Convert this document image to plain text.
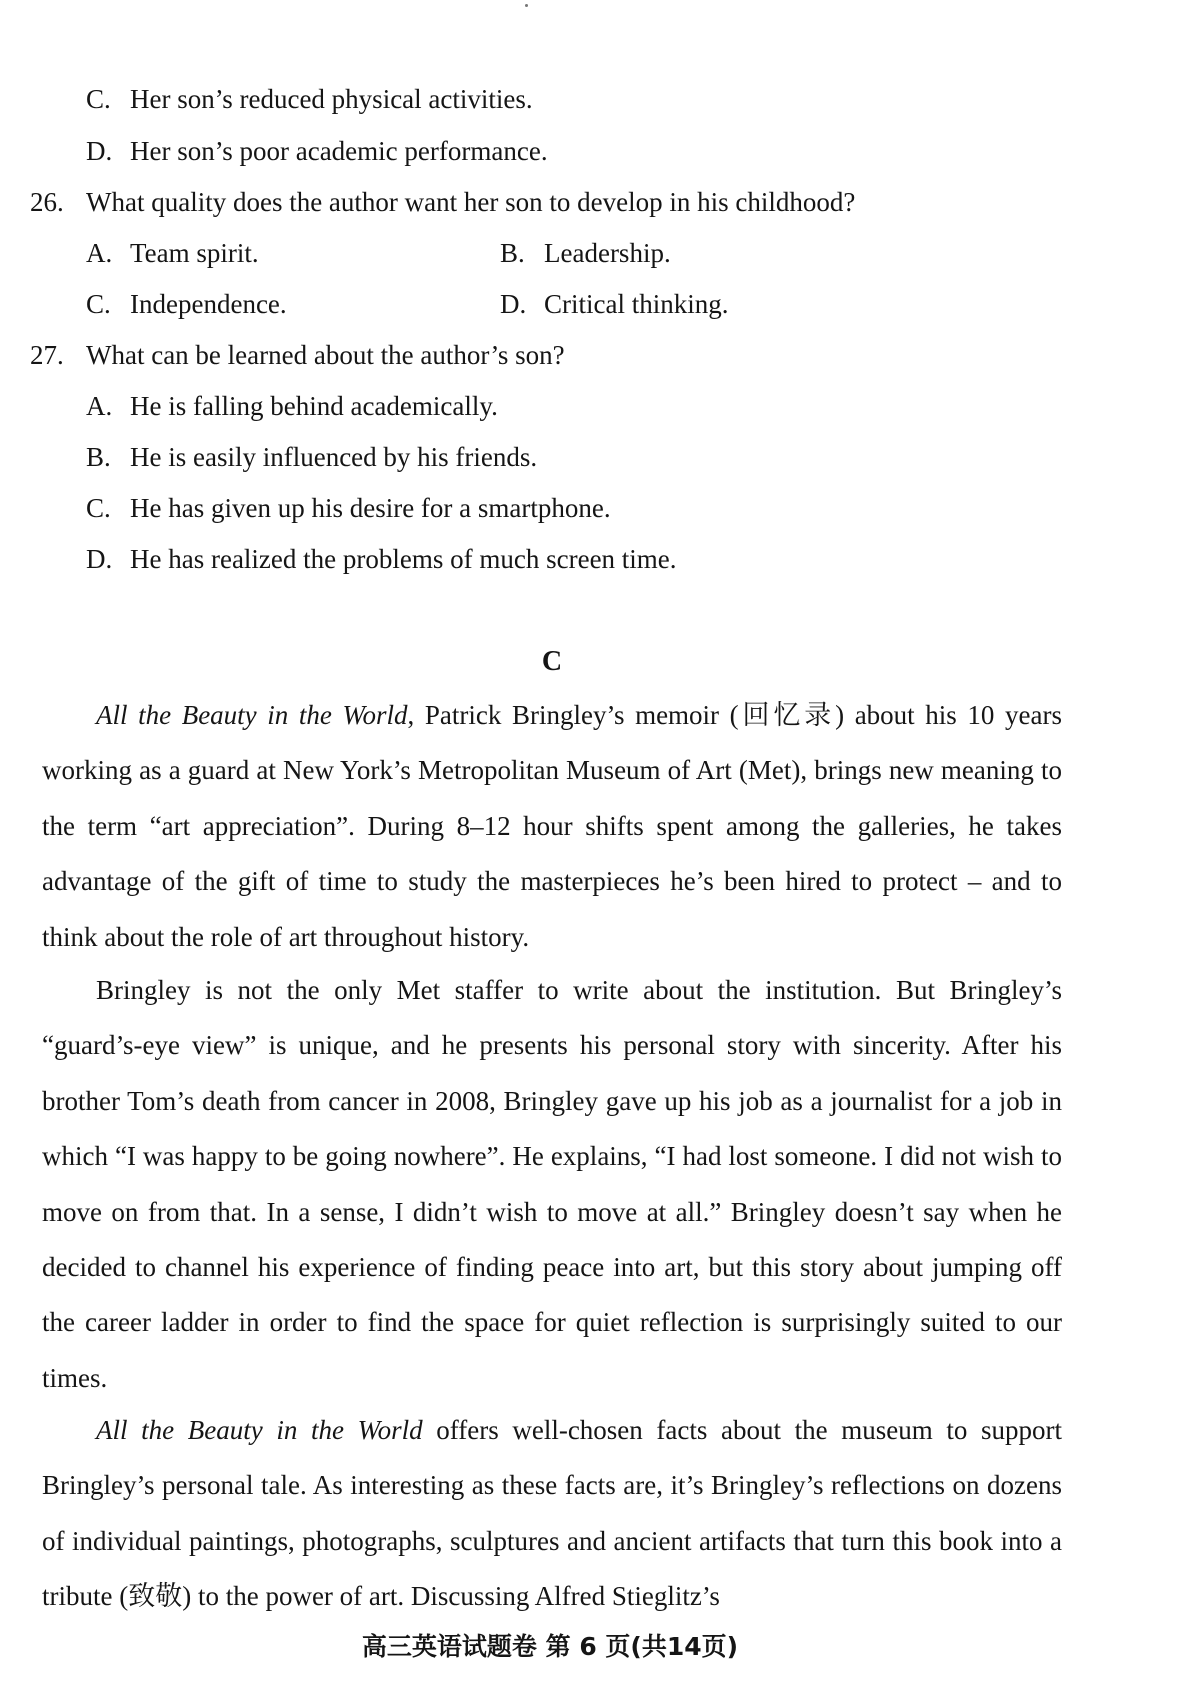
C. Her son’s reduced physical activities.
D. Her son’s poor academic performance.
26. What quality does the author want her son to develop in his childhood?
A. Team spirit.	B. Leadership.
C. Independence.	D. Critical thinking.
27. What can be learned about the author’s son?
A. He is falling behind academically.
B. He is easily influenced by his friends.
C. He has given up his desire for a smartphone.
D. He has realized the problems of much screen time.
C
All the Beauty in the World, Patrick Bringley’s memoir (回忆录) about his 10 years working as a guard at New York’s Metropolitan Museum of Art (Met), brings new meaning to the term “art appreciation”. During 8–12 hour shifts spent among the galleries, he takes advantage of the gift of time to study the masterpieces he’s been hired to protect – and to think about the role of art throughout history.
Bringley is not the only Met staffer to write about the institution. But Bringley’s “guard’s-eye view” is unique, and he presents his personal story with sincerity. After his brother Tom’s death from cancer in 2008, Bringley gave up his job as a journalist for a job in which “I was happy to be going nowhere”. He explains, “I had lost someone. I did not wish to move on from that. In a sense, I didn’t wish to move at all.” Bringley doesn’t say when he decided to channel his experience of finding peace into art, but this story about jumping off the career ladder in order to find the space for quiet reflection is surprisingly suited to our times.
All the Beauty in the World offers well-chosen facts about the museum to support Bringley’s personal tale. As interesting as these facts are, it’s Bringley’s reflections on dozens of individual paintings, photographs, sculptures and ancient artifacts that turn this book into a tribute (致敬) to the power of art. Discussing Alfred Stieglitz’s
高三英语试题卷 第 6 页(共14页)
